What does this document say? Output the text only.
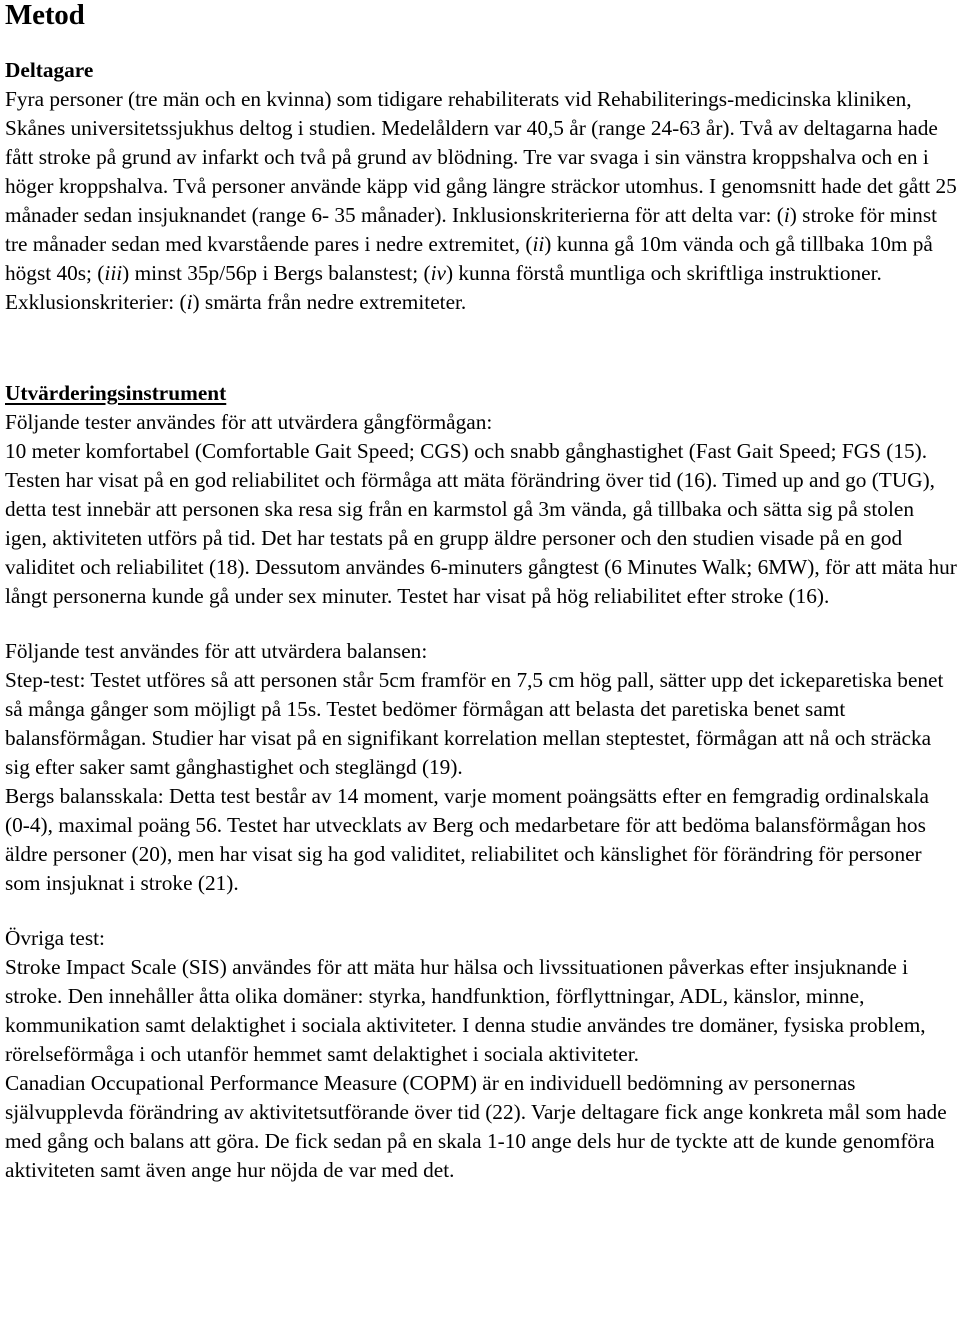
Metod
Deltagare

Fyra personer (tre män och en kvinna) som tidigare rehabiliterats vid Rehabiliterings-medicinska kliniken, Skånes universitetssjukhus deltog i studien. Medelåldern var 40,5 år (range 24-63 år). Två av deltagarna hade fått stroke på grund av infarkt och två på grund av blödning. Tre var svaga i sin vänstra kroppshalva och en i höger kroppshalva. Två personer använde käpp vid gång längre sträckor utomhus. I genomsnitt hade det gått 25 månader sedan insjuknandet (range 6- 35 månader). Inklusionskriterierna för att delta var: (i) stroke för minst tre månader sedan med kvarstående pares i nedre extremitet, (ii) kunna gå 10m vända och gå tillbaka 10m på högst 40s; (iii) minst 35p/56p i Bergs balanstest; (iv) kunna förstå muntliga och skriftliga instruktioner. Exklusionskriterier: (i) smärta från nedre extremiteter.

Utvärderingsinstrument

Följande tester användes för att utvärdera gångförmågan:

10 meter komfortabel (Comfortable Gait Speed; CGS) och snabb gånghastighet (Fast Gait Speed; FGS (15). Testen har visat på en god reliabilitet och förmåga att mäta förändring över tid (16). Timed up and go (TUG), detta test innebär att personen ska resa sig från en karmstol gå 3m vända, gå tillbaka och sätta sig på stolen igen, aktiviteten utförs på tid. Det har testats på en grupp äldre personer och den studien visade på en god validitet och reliabilitet (18). Dessutom användes 6-minuters gångtest (6 Minutes Walk; 6MW), för att mäta hur långt personerna kunde gå under sex minuter. Testet har visat på hög reliabilitet efter stroke (16).

Följande test användes för att utvärdera balansen:

Step-test: Testet utföres så att personen står 5cm framför en 7,5 cm hög pall, sätter upp det ickeparetiska benet så många gånger som möjligt på 15s. Testet bedömer förmågan att belasta det paretiska benet samt balansförmågan. Studier har visat på en signifikant korrelation mellan steptestet, förmågan att nå och sträcka sig efter saker samt gånghastighet och steglängd (19).

Bergs balansskala: Detta test består av 14 moment, varje moment poängsätts efter en femgradig ordinalskala (0-4), maximal poäng 56. Testet har utvecklats av Berg och medarbetare för att bedöma balansförmågan hos äldre personer (20), men har visat sig ha god validitet, reliabilitet och känslighet för förändring för personer som insjuknat i stroke (21).

Övriga test:

Stroke Impact Scale (SIS) användes för att mäta hur hälsa och livssituationen påverkas efter insjuknande i stroke. Den innehåller åtta olika domäner: styrka, handfunktion, förflyttningar, ADL, känslor, minne, kommunikation samt delaktighet i sociala aktiviteter. I denna studie användes tre domäner, fysiska problem, rörelseförmåga i och utanför hemmet samt delaktighet i sociala aktiviteter.

Canadian Occupational Performance Measure (COPM) är en individuell bedömning av personernas självupplevda förändring av aktivitetsutförande över tid (22). Varje deltagare fick ange konkreta mål som hade med gång och balans att göra. De fick sedan på en skala 1-10 ange dels hur de tyckte att de kunde genomföra aktiviteten samt även ange hur nöjda de var med det.
